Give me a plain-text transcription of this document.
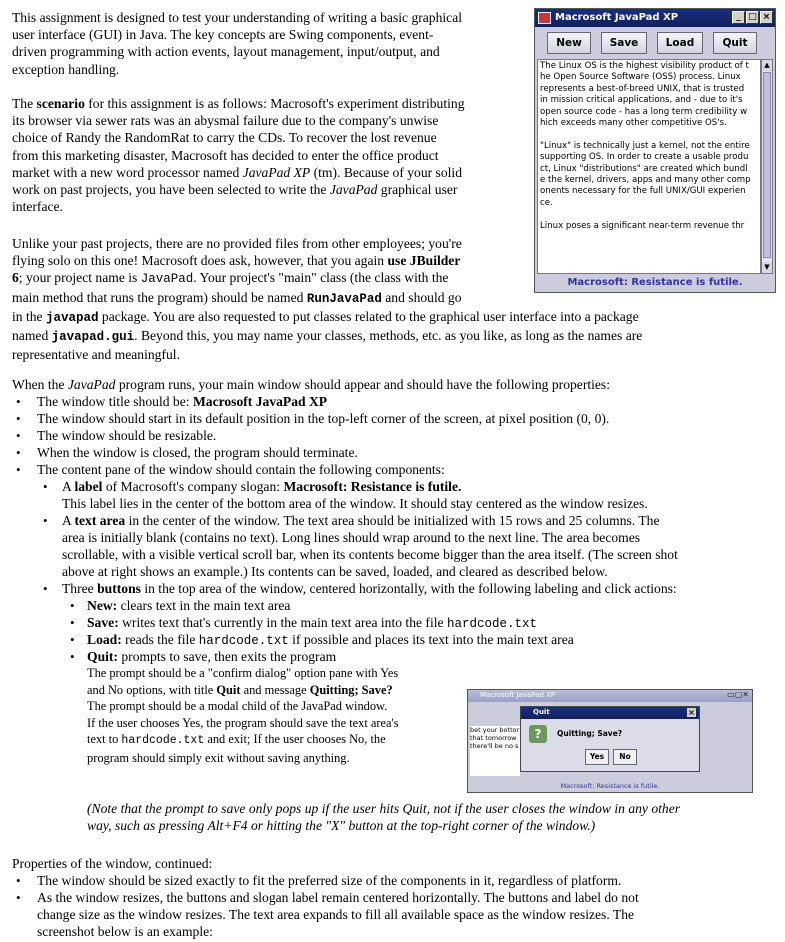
This assignment is designed to test your understanding of writing a basic graphical
user interface (GUI) in Java. The key concepts are Swing components, event-
driven programming with action events, layout management, input/output, and
exception handling.
The scenario for this assignment is as follows: Macrosoft's experiment distributing
its browser via sewer rats was an abysmal failure due to the company's unwise
choice of Randy the RandomRat to carry the CDs. To recover the lost revenue
from this marketing disaster, Macrosoft has decided to enter the office product
market with a new word processor named JavaPad XP (tm). Because of your solid
work on past projects, you have been selected to write the JavaPad graphical user
interface.
Unlike your past projects, there are no provided files from other employees; you're
flying solo on this one! Macrosoft does ask, however, that you again use JBuilder
6; your project name is JavaPad. Your project's "main" class (the class with the
main method that runs the program) should be named RunJavaPad and should go
in the javapad package. You are also requested to put classes related to the graphical user interface into a package
named javapad.gui. Beyond this, you may name your classes, methods, etc. as you like, as long as the names are
representative and meaningful.
Macrosoft JavaPad XP	_ □ ×
New	Save	Load	Quit
The Linux OS is the highest visibility product of t
he Open Source Software (OSS) process. Linux
represents a best-of-breed UNIX, that is trusted
in mission critical applications, and - due to it's
open source code - has a long term credibility w
hich exceeds many other competitive OS's.
"Linux" is technically just a kernel, not the entire
supporting OS. In order to create a usable produ
ct, Linux "distributions" are created which bundl
e the kernel, drivers, apps and many other comp
onents necessary for the full UNIX/GUI experien
ce.
Linux poses a significant near-term revenue thr
▲
▼
Macrosoft: Resistance is futile.
When the JavaPad program runs, your main window should appear and should have the following properties:
• The window title should be: Macrosoft JavaPad XP
• The window should start in its default position in the top-left corner of the screen, at pixel position (0, 0).
• The window should be resizable.
• When the window is closed, the program should terminate.
• The content pane of the window should contain the following components:
• A label of Macrosoft's company slogan: Macrosoft: Resistance is futile.
This label lies in the center of the bottom area of the window. It should stay centered as the window resizes.
• A text area in the center of the window. The text area should be initialized with 15 rows and 25 columns. The
area is initially blank (contains no text). Long lines should wrap around to the next line. The area becomes
scrollable, with a visible vertical scroll bar, when its contents become bigger than the area itself. (The screen shot
above at right shows an example.) Its contents can be saved, loaded, and cleared as described below.
• Three buttons in the top area of the window, centered horizontally, with the following labeling and click actions:
• New: clears text in the main text area
• Save: writes text that's currently in the main text area into the file hardcode.txt
• Load: reads the file hardcode.txt if possible and places its text into the main text area
• Quit: prompts to save, then exits the program
The prompt should be a "confirm dialog" option pane with Yes
and No options, with title Quit and message Quitting; Save?
The prompt should be a modal child of the JavaPad window.
If the user chooses Yes, the program should save the text area's
text to hardcode.txt and exit; If the user chooses No, the
program should simply exit without saving anything.
Macrosoft JavaPad XP	▭▢✕
bet your bottor
that tomorrow
there'll be no s
Quit	×
?	Quitting; Save?
Yes	No
Macrosoft: Resistance is futile.
(Note that the prompt to save only pops up if the user hits Quit, not if the user closes the window in any other
way, such as pressing Alt+F4 or hitting the "X" button at the top-right corner of the window.)
Properties of the window, continued:
• The window should be sized exactly to fit the preferred size of the components in it, regardless of platform.
• As the window resizes, the buttons and slogan label remain centered horizontally. The buttons and label do not
change size as the window resizes. The text area expands to fill all available space as the window resizes. The
screenshot below is an example:
